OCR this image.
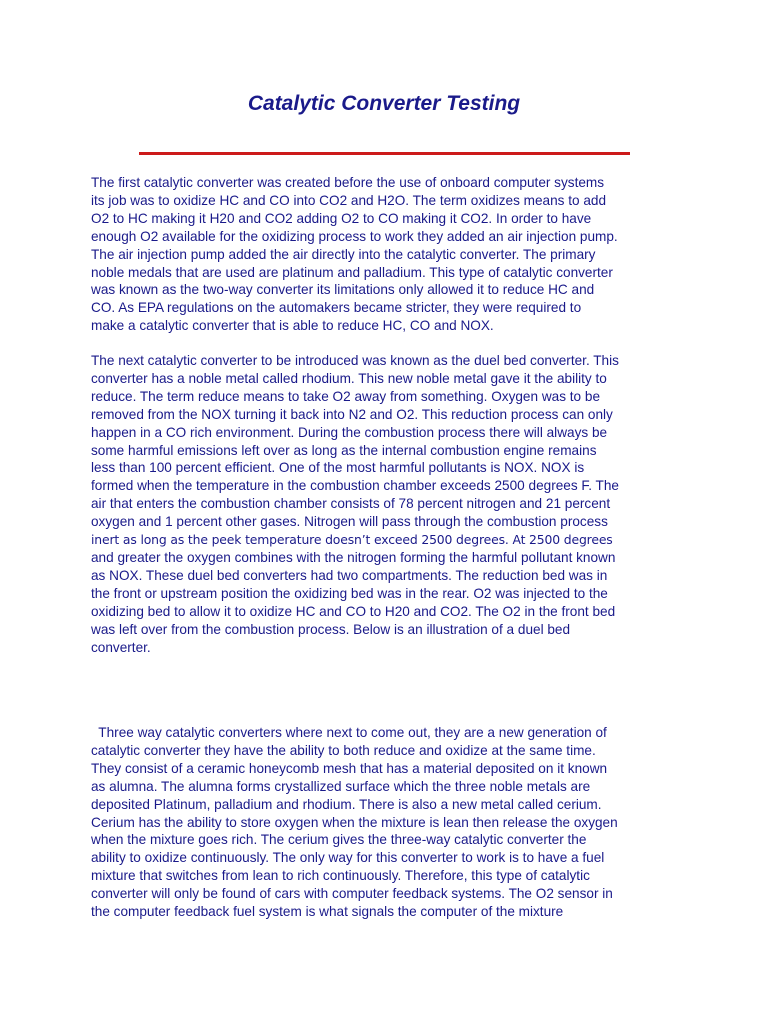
Catalytic Converter Testing
The first catalytic converter was created before the use of onboard computer systems
its job was to oxidize HC and CO into CO2 and H2O. The term oxidizes means to add
O2 to HC making it H20 and CO2 adding O2 to CO making it CO2. In order to have
enough O2 available for the oxidizing process to work they added an air injection pump.
The air injection pump added the air directly into the catalytic converter. The primary
noble medals that are used are platinum and palladium. This type of catalytic converter
was known as the two-way converter its limitations only allowed it to reduce HC and
CO. As EPA regulations on the automakers became stricter, they were required to
make a catalytic converter that is able to reduce HC, CO and NOX.
The next catalytic converter to be introduced was known as the duel bed converter. This
converter has a noble metal called rhodium. This new noble metal gave it the ability to
reduce. The term reduce means to take O2 away from something. Oxygen was to be
removed from the NOX turning it back into N2 and O2. This reduction process can only
happen in a CO rich environment. During the combustion process there will always be
some harmful emissions left over as long as the internal combustion engine remains
less than 100 percent efficient. One of the most harmful pollutants is NOX. NOX is
formed when the temperature in the combustion chamber exceeds 2500 degrees F. The
air that enters the combustion chamber consists of 78 percent nitrogen and 21 percent
oxygen and 1 percent other gases. Nitrogen will pass through the combustion process
inert as long as the peek temperature doesn’t exceed 2500 degrees. At 2500 degrees
and greater the oxygen combines with the nitrogen forming the harmful pollutant known
as NOX. These duel bed converters had two compartments. The reduction bed was in
the front or upstream position the oxidizing bed was in the rear. O2 was injected to the
oxidizing bed to allow it to oxidize HC and CO to H20 and CO2. The O2 in the front bed
was left over from the combustion process. Below is an illustration of a duel bed
converter.
Three way catalytic converters where next to come out, they are a new generation of
catalytic converter they have the ability to both reduce and oxidize at the same time.
They consist of a ceramic honeycomb mesh that has a material deposited on it known
as alumna. The alumna forms crystallized surface which the three noble metals are
deposited Platinum, palladium and rhodium. There is also a new metal called cerium.
Cerium has the ability to store oxygen when the mixture is lean then release the oxygen
when the mixture goes rich. The cerium gives the three-way catalytic converter the
ability to oxidize continuously. The only way for this converter to work is to have a fuel
mixture that switches from lean to rich continuously. Therefore, this type of catalytic
converter will only be found of cars with computer feedback systems. The O2 sensor in
the computer feedback fuel system is what signals the computer of the mixture
